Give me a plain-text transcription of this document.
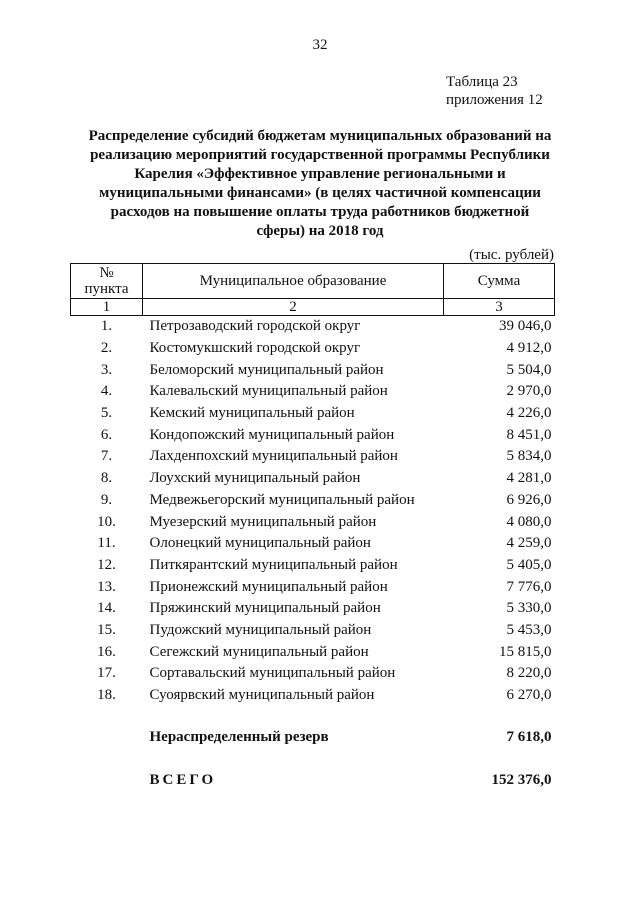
32
Таблица 23
приложения 12
Распределение субсидий бюджетам муниципальных образований на
реализацию мероприятий государственной программы Республики
Карелия «Эффективное управление региональными и
муниципальными финансами» (в целях частичной компенсации
расходов на повышение оплаты труда работников бюджетной
сферы) на 2018 год
(тыс. рублей)
№
пункта	Муниципальное образование	Сумма
1	2	3
1.	Петрозаводский городской округ	39 046,0
2.	Костомукшский городской округ	4 912,0
3.	Беломорский муниципальный район	5 504,0
4.	Калевальский муниципальный район	2 970,0
5.	Кемский муниципальный район	4 226,0
6.	Кондопожский муниципальный район	8 451,0
7.	Лахденпохский муниципальный район	5 834,0
8.	Лоухский муниципальный район	4 281,0
9.	Медвежьегорский муниципальный район	6 926,0
10.	Муезерский муниципальный район	4 080,0
11.	Олонецкий муниципальный район	4 259,0
12.	Питкярантский муниципальный район	5 405,0
13.	Прионежский муниципальный район	7 776,0
14.	Пряжинский муниципальный район	5 330,0
15.	Пудожский муниципальный район	5 453,0
16.	Сегежский муниципальный район	15 815,0
17.	Сортавальский муниципальный район	8 220,0
18.	Суоярвский муниципальный район	6 270,0

	Нераспределенный резерв	7 618,0

	ВСЕГО	152 376,0
